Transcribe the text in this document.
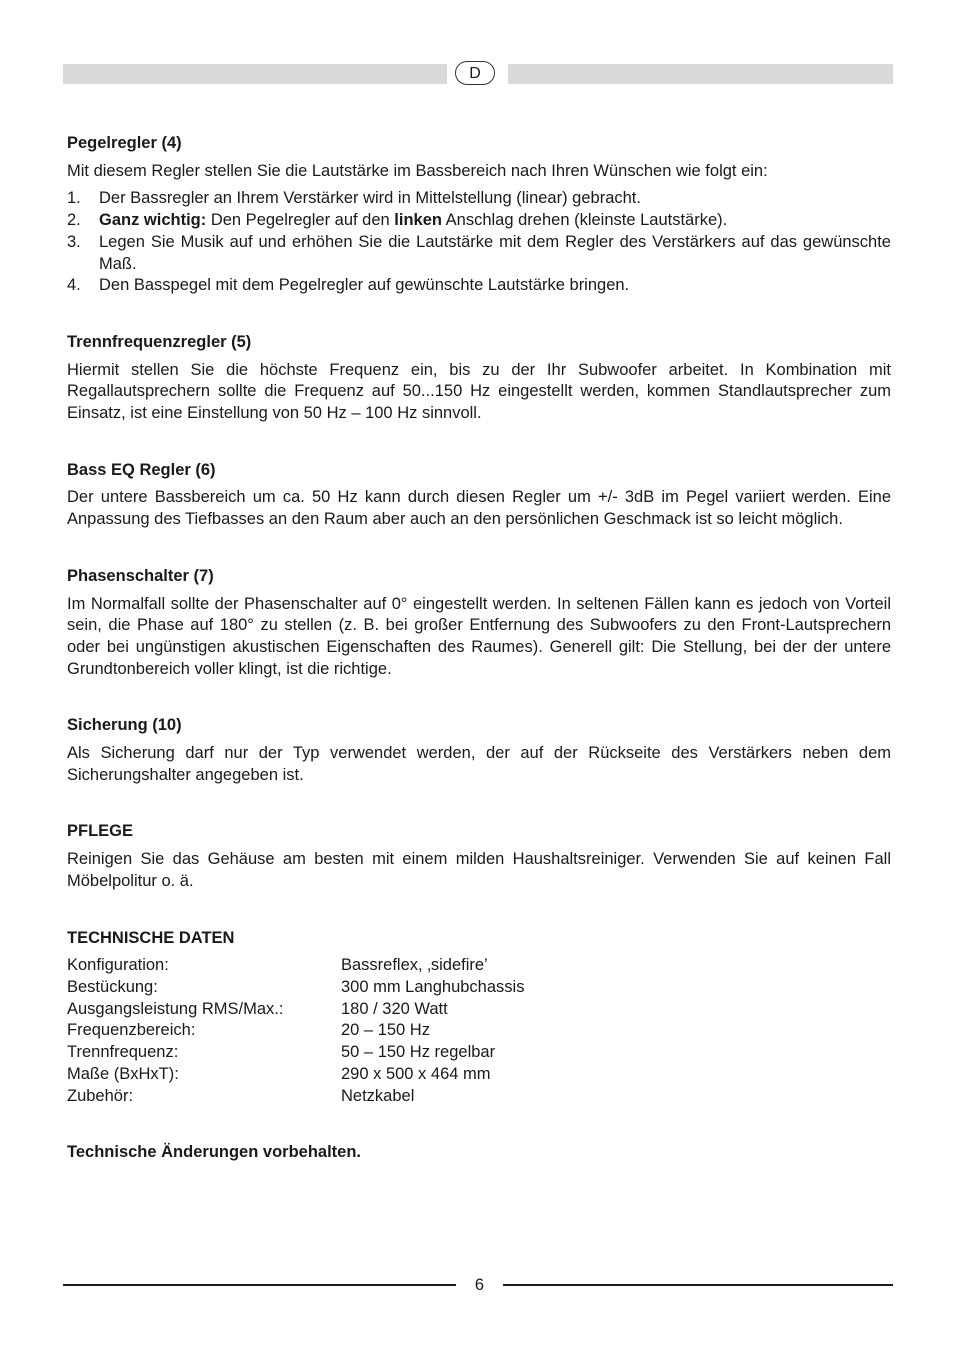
D
Pegelregler (4)

Mit diesem Regler stellen Sie die Lautstärke im Bassbereich nach Ihren Wünschen wie folgt ein:

1.	Der Bassregler an Ihrem Verstärker wird in Mittelstellung (linear) gebracht.
2.	Ganz wichtig: Den Pegelregler auf den linken Anschlag drehen (kleinste Lautstärke).
3.	Legen Sie Musik auf und erhöhen Sie die Lautstärke mit dem Regler des Verstärkers auf das gewünschte Maß.
4.	Den Basspegel mit dem Pegelregler auf gewünschte Lautstärke bringen.
Trennfrequenzregler (5)

Hiermit stellen Sie die höchste Frequenz ein, bis zu der Ihr Subwoofer arbeitet. In Kombination mit Regallautsprechern sollte die Frequenz auf 50...150 Hz eingestellt werden, kommen Standlautsprecher zum Einsatz, ist eine Einstellung von 50 Hz – 100 Hz sinnvoll.

Bass EQ Regler (6)

Der untere Bassbereich um ca. 50 Hz kann durch diesen Regler um +/- 3dB im Pegel variiert werden. Eine Anpassung des Tiefbasses an den Raum aber auch an den persönlichen Geschmack ist so leicht möglich.

Phasenschalter (7)

Im Normalfall sollte der Phasenschalter auf 0° eingestellt werden. In seltenen Fällen kann es jedoch von Vorteil sein, die Phase auf 180° zu stellen (z. B. bei großer Entfernung des Subwoofers zu den Front-Lautsprechern oder bei ungünstigen akustischen Eigenschaften des Raumes). Generell gilt: Die Stellung, bei der der untere Grundtonbereich voller klingt, ist die richtige.

Sicherung (10)

Als Sicherung darf nur der Typ verwendet werden, der auf der Rückseite des Verstärkers neben dem Sicherungshalter angegeben ist.

PFLEGE

Reinigen Sie das Gehäuse am besten mit einem milden Haushaltsreiniger. Verwenden Sie auf keinen Fall Möbelpolitur o. ä.

TECHNISCHE DATEN
Konfiguration:	Bassreflex, ‚sidefire’
Bestückung:	300 mm Langhubchassis
Ausgangsleistung RMS/Max.:	180 / 320 Watt
Frequenzbereich:	20 – 150 Hz
Trennfrequenz:	50 – 150 Hz regelbar
Maße (BxHxT):	290 x 500 x 464 mm
Zubehör:	Netzkabel

Technische Änderungen vorbehalten.

6
